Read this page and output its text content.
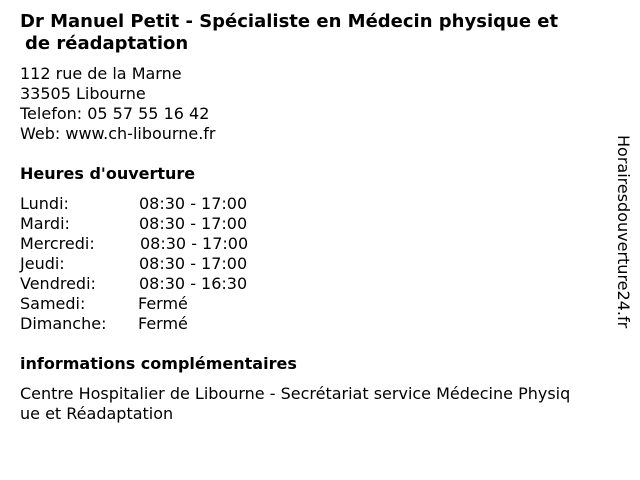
Dr Manuel Petit - Spécialiste en Médecin physique et
de réadaptation
112 rue de la Marne
33505 Libourne
Telefon: 05 57 55 16 42
Web: www.ch-libourne.fr
Heures d'ouverture
Lundi:	08:30 - 17:00
Mardi:	08:30 - 17:00
Mercredi:	08:30 - 17:00
Jeudi:	08:30 - 17:00
Vendredi:	08:30 - 16:30
Samedi:	Fermé
Dimanche: Fermé
informations complémentaires
Centre Hospitalier de Libourne - Secrétariat service Médecine Physiq
ue et Réadaptation
Horairesdouverture24.fr
